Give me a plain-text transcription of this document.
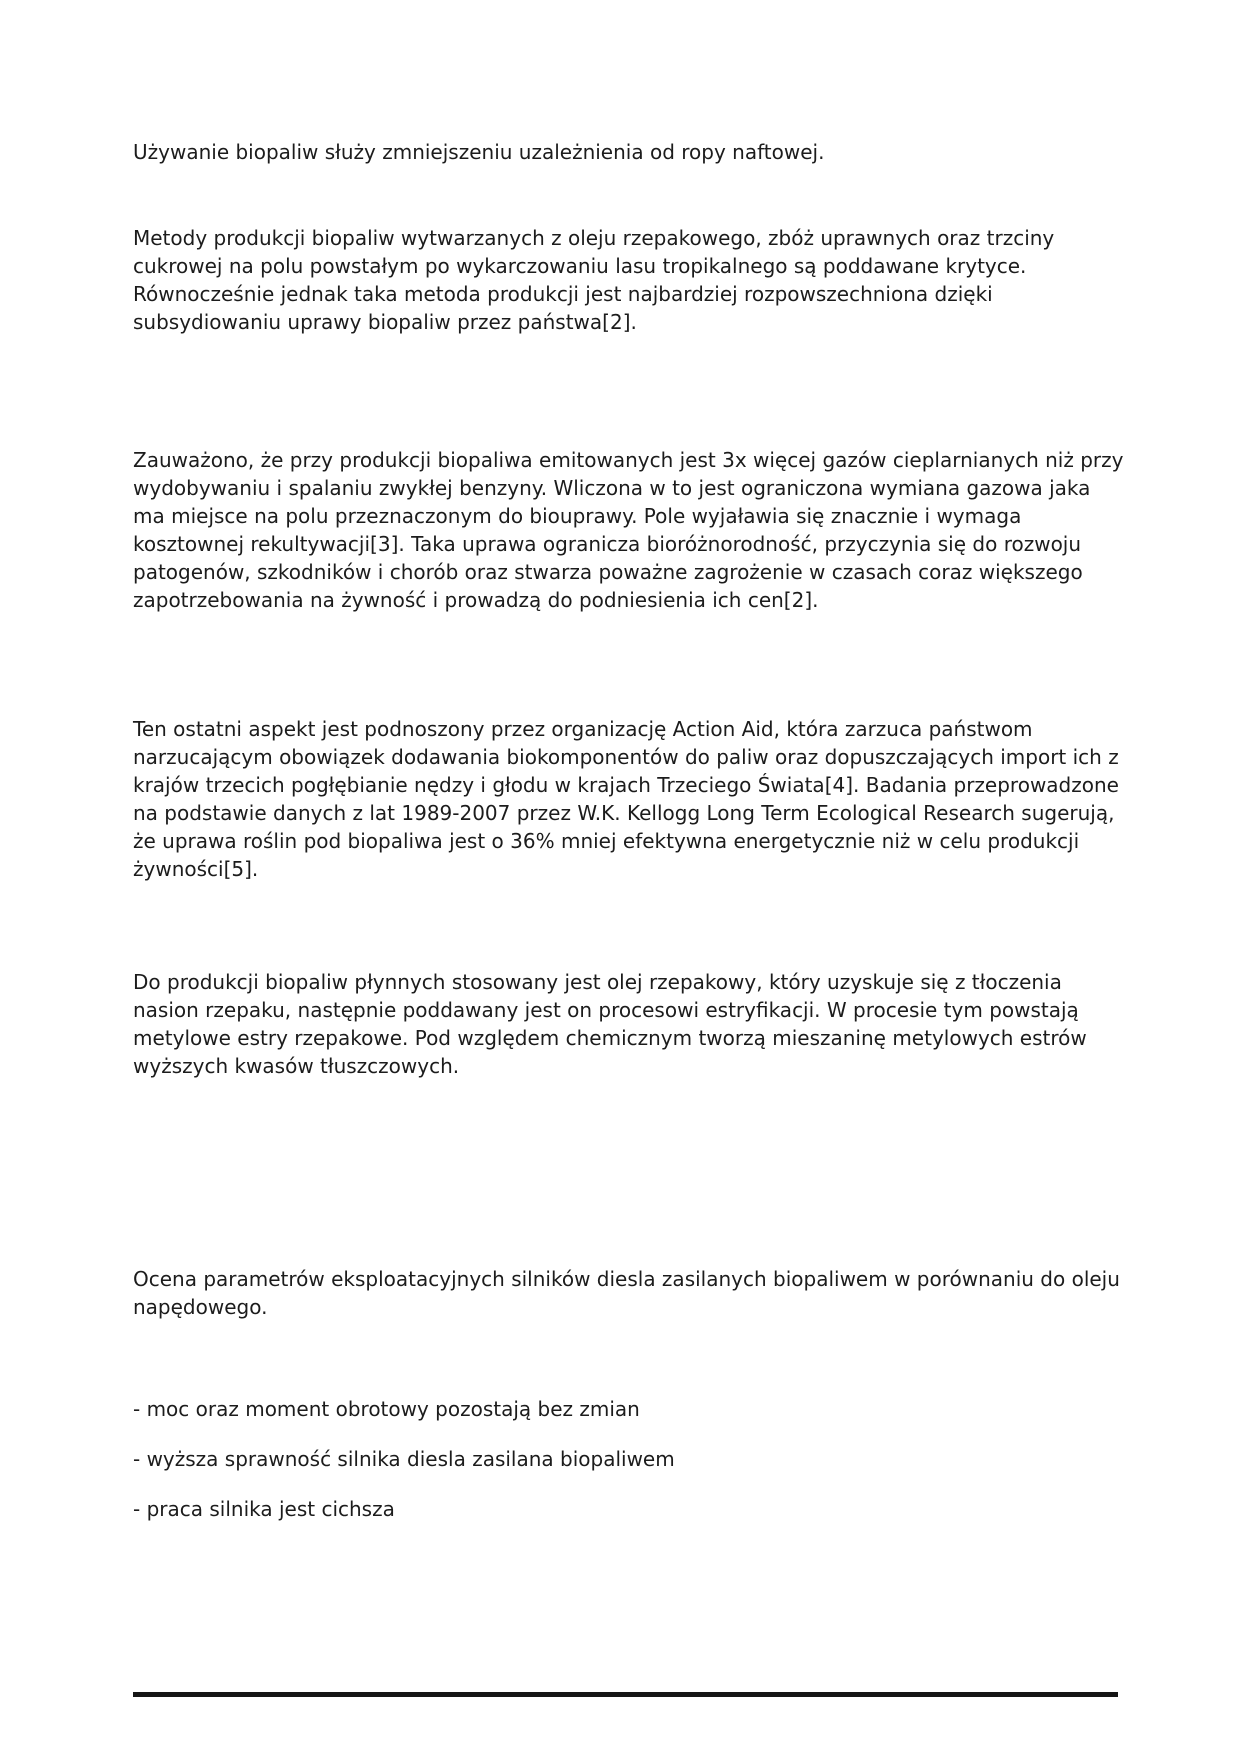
Używanie biopaliw służy zmniejszeniu uzależnienia od ropy naftowej.

Metody produkcji biopaliw wytwarzanych z oleju rzepakowego, zbóż uprawnych oraz trzciny cukrowej na polu powstałym po wykarczowaniu lasu tropikalnego są poddawane krytyce. Równocześnie jednak taka metoda produkcji jest najbardziej rozpowszechniona dzięki subsydiowaniu uprawy biopaliw przez państwa[2].

Zauważono, że przy produkcji biopaliwa emitowanych jest 3x więcej gazów cieplarnianych niż przy wydobywaniu i spalaniu zwykłej benzyny. Wliczona w to jest ograniczona wymiana gazowa jaka ma miejsce na polu przeznaczonym do biouprawy. Pole wyjaławia się znacznie i wymaga kosztownej rekultywacji[3]. Taka uprawa ogranicza bioróżnorodność, przyczynia się do rozwoju patogenów, szkodników i chorób oraz stwarza poważne zagrożenie w czasach coraz większego zapotrzebowania na żywność i prowadzą do podniesienia ich cen[2].

Ten ostatni aspekt jest podnoszony przez organizację Action Aid, która zarzuca państwom narzucającym obowiązek dodawania biokomponentów do paliw oraz dopuszczających import ich z krajów trzecich pogłębianie nędzy i głodu w krajach Trzeciego Świata[4]. Badania przeprowadzone na podstawie danych z lat 1989-2007 przez W.K. Kellogg Long Term Ecological Research sugerują, że uprawa roślin pod biopaliwa jest o 36% mniej efektywna energetycznie niż w celu produkcji żywności[5].

Do produkcji biopaliw płynnych stosowany jest olej rzepakowy, który uzyskuje się z tłoczenia nasion rzepaku, następnie poddawany jest on procesowi estryfikacji. W procesie tym powstają metylowe estry rzepakowe. Pod względem chemicznym tworzą mieszaninę metylowych estrów wyższych kwasów tłuszczowych.

Ocena parametrów eksploatacyjnych silników diesla zasilanych biopaliwem w porównaniu do oleju napędowego.

- moc oraz moment obrotowy pozostają bez zmian

- wyższa sprawność silnika diesla zasilana biopaliwem

- praca silnika jest cichsza
